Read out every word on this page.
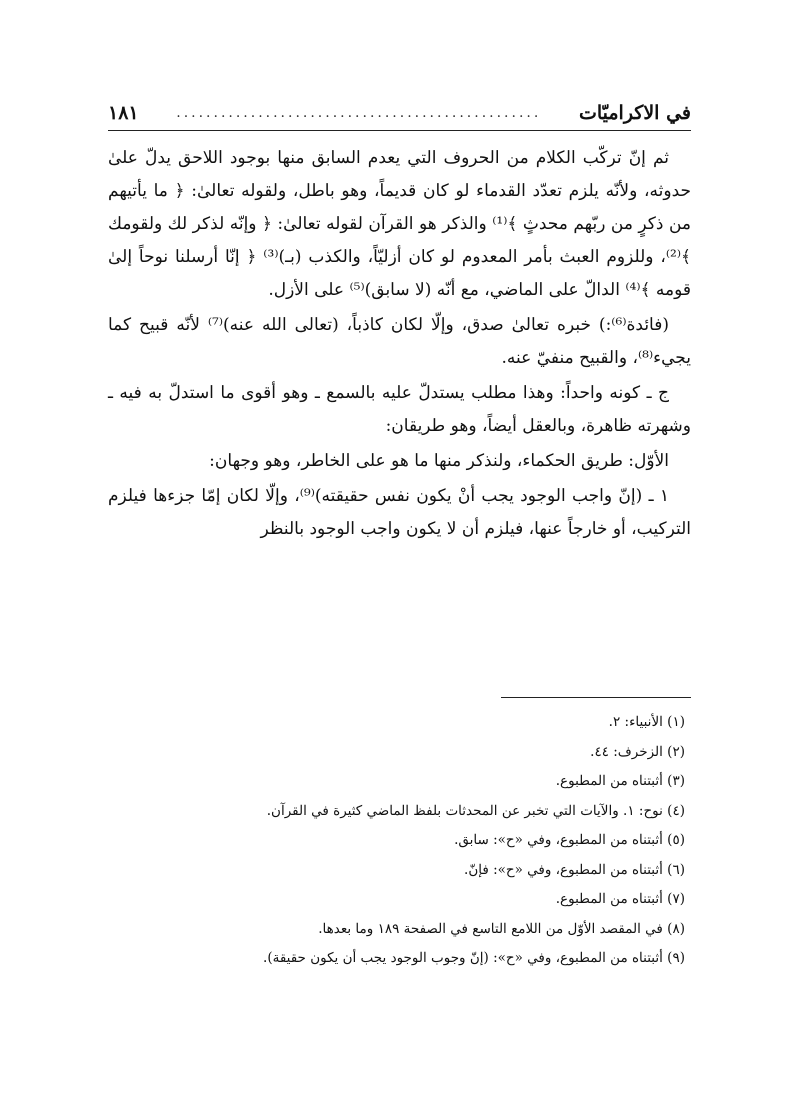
في الاكراميّات
.................................................
١٨١

ثم إنّ تركّب الكلام من الحروف التي يعدم السابق منها بوجود اللاحق يدلّ علىٰ حدوثه، ولأنّه يلزم تعدّد القدماء لو كان قديماً، وهو باطل، ولقوله تعالىٰ: ﴿ ما يأتيهم من ذكرٍ من ربّهم محدثٍ ﴾⁽¹⁾ والذكر هو القرآن لقوله تعالىٰ: ﴿ وإنّه لذكر لك ولقومك ﴾⁽²⁾، وللزوم العبث بأمر المعدوم لو كان أزليّاً، والكذب (بـ)⁽³⁾ ﴿ إنّا أرسلنا نوحاً إلىٰ قومه ﴾⁽⁴⁾ الدالّ على الماضي، مع أنّه (لا سابق)⁽⁵⁾ على الأزل.

(فائدة⁽⁶⁾:) خبره تعالىٰ صدق، وإلّا لكان كاذباً، (تعالى الله عنه)⁽⁷⁾ لأنّه قبيح كما يجيء⁽⁸⁾، والقبيح منفيّ عنه.

ج ـ كونه واحداً: وهذا مطلب يستدلّ عليه بالسمع ـ وهو أقوى ما استدلّ به فيه ـ وشهرته ظاهرة، وبالعقل أيضاً، وهو طريقان:

الأوّل: طريق الحكماء، ولنذكر منها ما هو على الخاطر، وهو وجهان:

١ ـ (إنّ واجب الوجود يجب أنْ يكون نفس حقيقته)⁽⁹⁾، وإلّا لكان إمّا جزءها فيلزم التركيب، أو خارجاً عنها، فيلزم أن لا يكون واجب الوجود بالنظر

(١) الأنبياء: ٢.
(٢) الزخرف: ٤٤.
(٣) أثبتناه من المطبوع.
(٤) نوح: ١. والآيات التي تخبر عن المحدثات بلفظ الماضي كثيرة في القرآن.
(٥) أثبتناه من المطبوع، وفي «ح»: سابق.
(٦) أثبتناه من المطبوع، وفي «ح»: فإنّ.
(٧) أثبتناه من المطبوع.
(٨) في المقصد الأوّل من اللامع التاسع في الصفحة ١٨٩ وما بعدها.
(٩) أثبتناه من المطبوع، وفي «ح»: (إنّ وجوب الوجود يجب أن يكون حقيقة).
